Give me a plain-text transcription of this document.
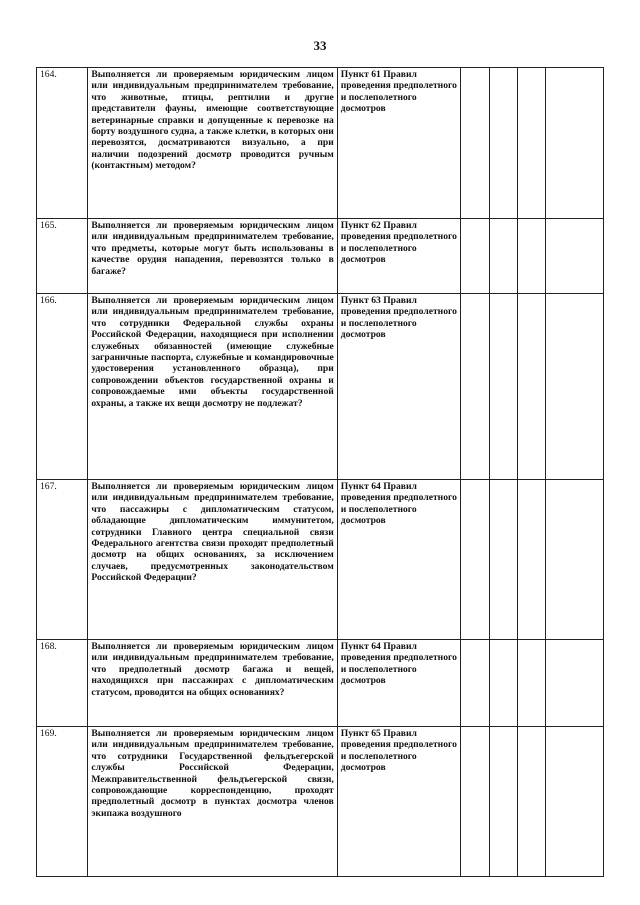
33
164.	Выполняется ли проверяемым юридическим лицом или индивидуальным предпринимателем требование, что животные, птицы, рептилии и другие представители фауны, имеющие соответствующие ветеринарные справки и допущенные к перевозке на борту воздушного судна, а также клетки, в которых они перевозятся, досматриваются визуально, а при наличии подозрений досмотр проводится ручным (контактным) методом?	Пункт 61 Правил проведения предполетного и послеполетного досмотров				
165.	Выполняется ли проверяемым юридическим лицом или индивидуальным предпринимателем требование, что предметы, которые могут быть использованы в качестве орудия нападения, перевозятся только в багаже?	Пункт 62 Правил проведения предполетного и послеполетного досмотров				
166.	Выполняется ли проверяемым юридическим лицом или индивидуальным предпринимателем требование, что сотрудники Федеральной службы охраны Российской Федерации, находящиеся при исполнении служебных обязанностей (имеющие служебные заграничные паспорта, служебные и командировочные удостоверения установленного образца), при сопровождении объектов государственной охраны и сопровождаемые ими объекты государственной охраны, а также их вещи досмотру не подлежат?	Пункт 63 Правил проведения предполетного и послеполетного досмотров				
167.	Выполняется ли проверяемым юридическим лицом или индивидуальным предпринимателем требование, что пассажиры с дипломатическим статусом, обладающие дипломатическим иммунитетом, сотрудники Главного центра специальной связи Федерального агентства связи проходят предполетный досмотр на общих основаниях, за исключением случаев, предусмотренных законодательством Российской Федерации?	Пункт 64 Правил проведения предполетного и послеполетного досмотров				
168.	Выполняется ли проверяемым юридическим лицом или индивидуальным предпринимателем требование, что предполетный досмотр багажа и вещей, находящихся при пассажирах с дипломатическим статусом, проводится на общих основаниях?	Пункт 64 Правил проведения предполетного и послеполетного досмотров				
169.	Выполняется ли проверяемым юридическим лицом или индивидуальным предпринимателем требование, что сотрудники Государственной фельдъегерской службы Российской Федерации, Межправительственной фельдъегерской связи, сопровождающие корреспонденцию, проходят предполетный досмотр в пунктах досмотра членов экипажа воздушного	Пункт 65 Правил проведения предполетного и послеполетного досмотров				
